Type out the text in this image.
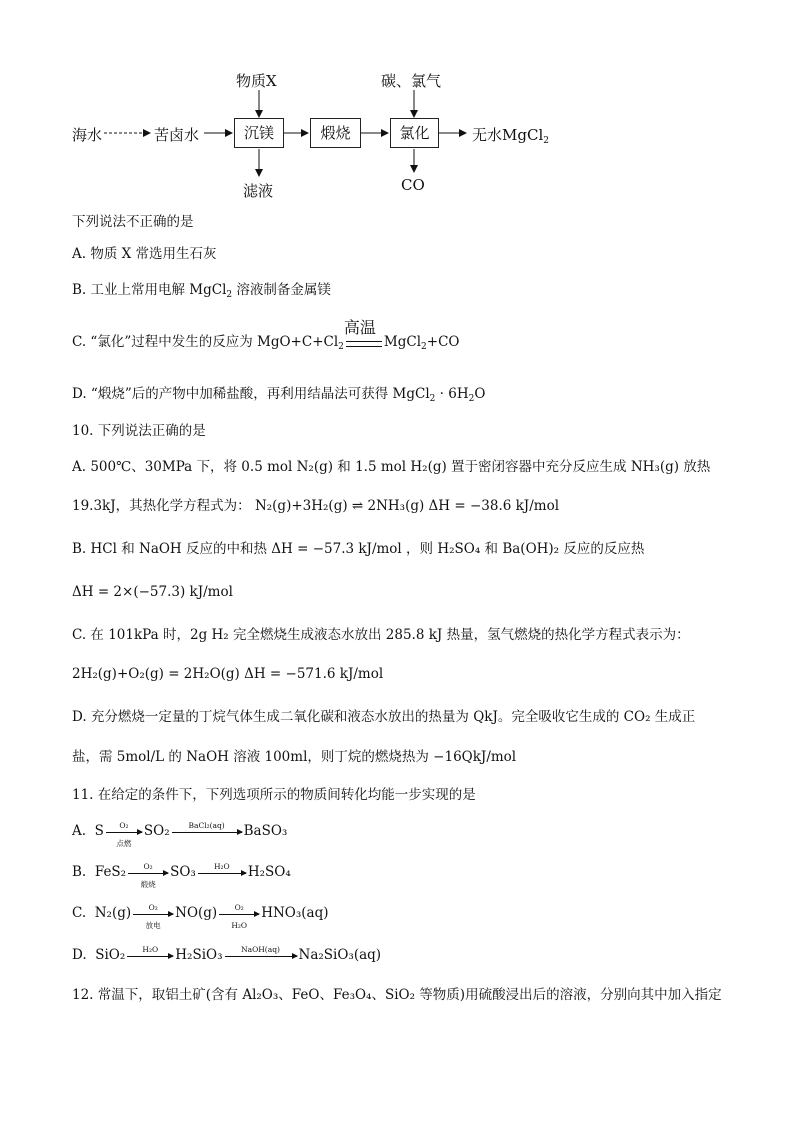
海水	苦卤水	沉镁	煅烧	氯化	无水MgCl$_2$
物质X	碳、氯气
滤液	CO
下列说法不正确的是
A. 物质 X 常选用生石灰
B. 工业上常用电解 MgCl$_2$ 溶液制备金属镁
C. “氯化”过程中发生的反应为 $MgO+C+Cl_2$
高温
MgCl$_2$+CO
D. “煅烧”后的产物中加稀盐酸，再利用结晶法可获得 MgCl$_2$ · $6H_2O$
10. 下列说法正确的是
A. 500℃、30MPa 下，将 0.5 mol N₂(g) 和 1.5 mol H₂(g) 置于密闭容器中充分反应生成 NH₃(g) 放热
19.3kJ，其热化学方程式为： N₂(g)+3H₂(g) ⇌ 2NH₃(g) ΔH = −38.6 kJ/mol
B. HCl 和 NaOH 反应的中和热 ΔH = −57.3 kJ/mol ，则 H₂SO₄ 和 Ba(OH)₂ 反应的反应热
ΔH = 2×(−57.3) kJ/mol
C. 在 101kPa 时，2g H₂ 完全燃烧生成液态水放出 285.8 kJ 热量，氢气燃烧的热化学方程式表示为：
2H₂(g)+O₂(g) = 2H₂O(g) ΔH = −571.6 kJ/mol
D. 充分燃烧一定量的丁烷气体生成二氧化碳和液态水放出的热量为 QkJ。完全吸收它生成的 CO₂ 生成正
盐，需 5mol/L 的 NaOH 溶液 100ml，则丁烷的燃烧热为 −16QkJ/mol
11. 在给定的条件下，下列选项所示的物质间转化均能一步实现的是
A. S	O₂
点燃
SO₂	BaCl₂(aq)	BaSO₃
B. FeS₂	O₂
煅烧
SO₃	H₂O	H₂SO₄
C. N₂(g)	O₂
放电
$NO(g) \frac{\text{O₂}}{\text{H₂O}} HNO_3(aq)$
D. SiO₂	H₂O	H₂SiO₃	NaOH(aq)	Na₂SiO₃(aq)
12. 常温下，取铝土矿(含有 Al₂O₃、FeO、Fe₃O₄、SiO₂ 等物质)用硫酸浸出后的溶液，分别向其中加入指定
